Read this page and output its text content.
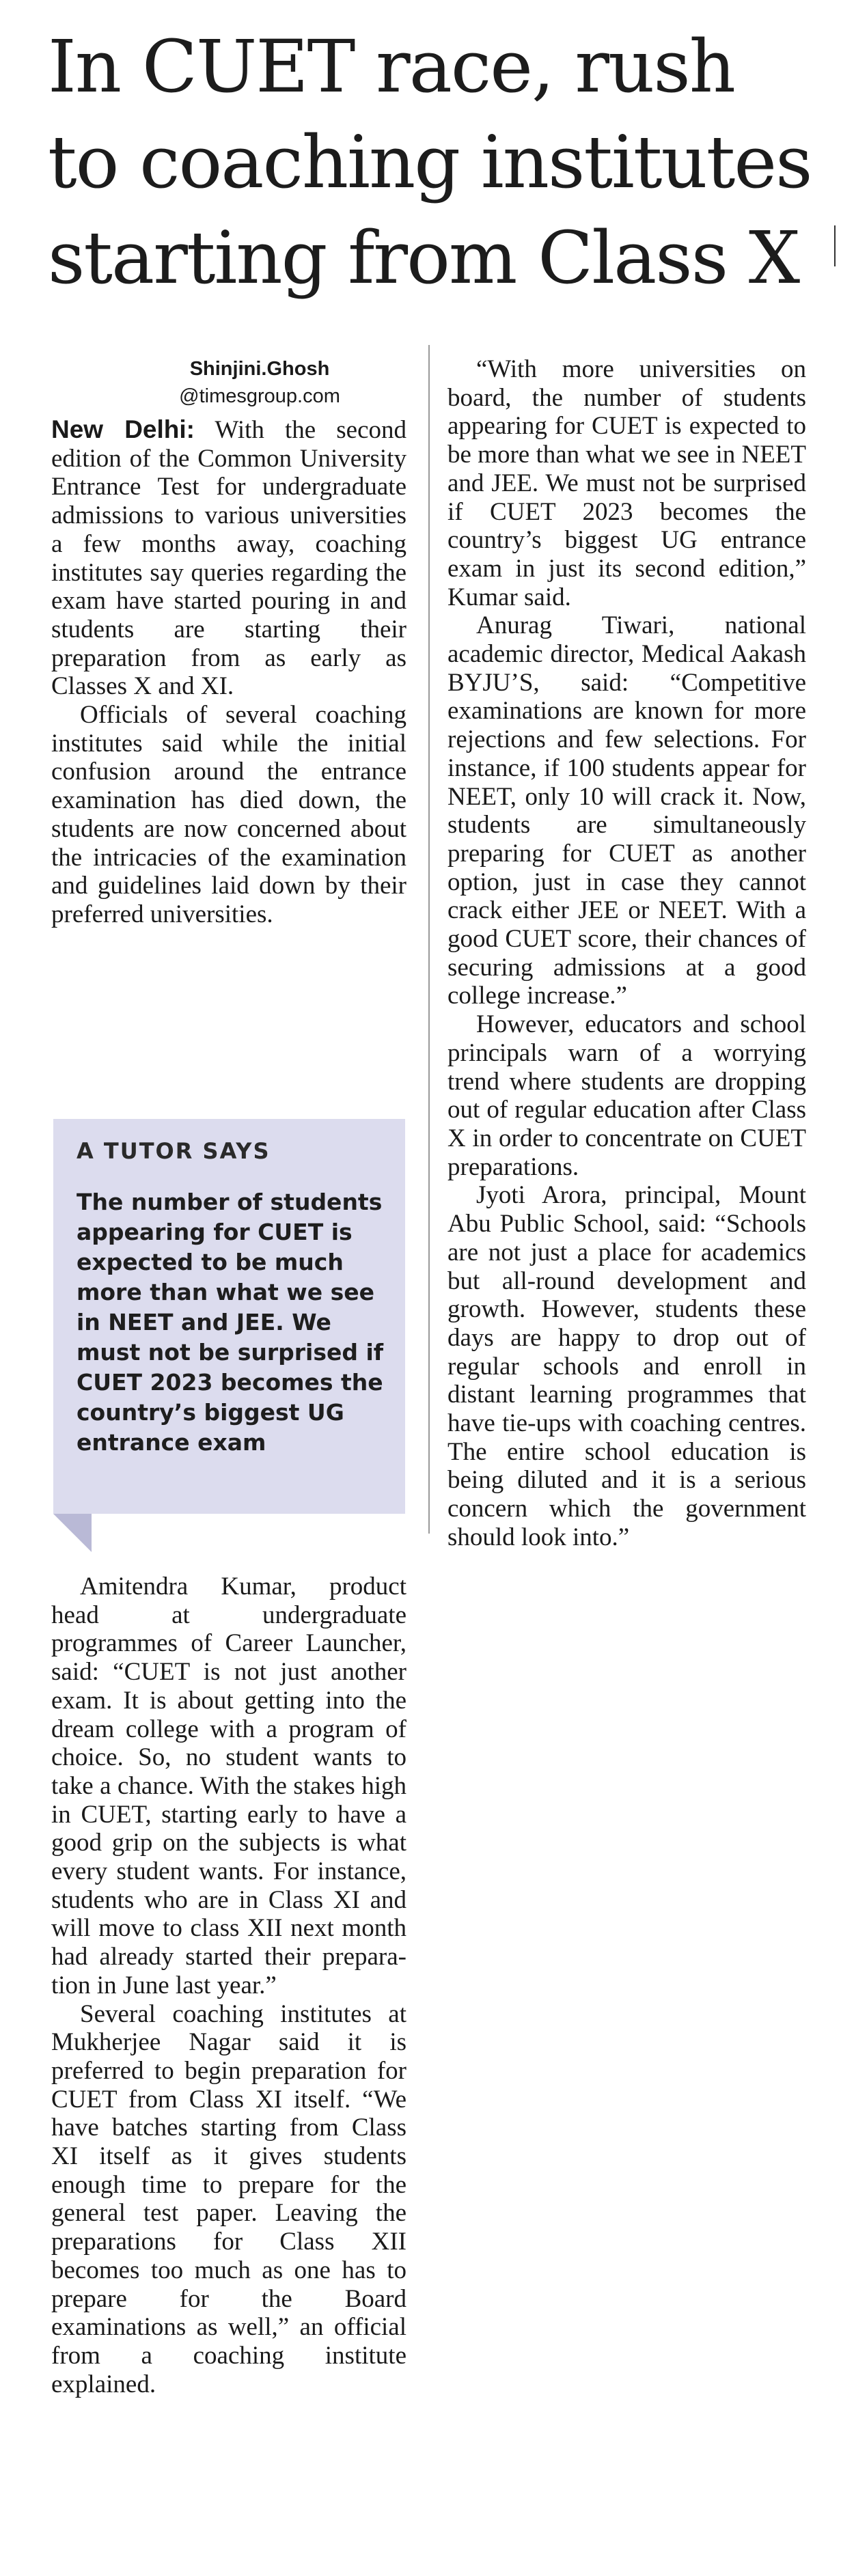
In CUET race, rush
to coaching institutes
starting from Class X
Shinjini.Ghosh
@timesgroup.com

New Delhi: With the second edition of the Common University Entrance Test for undergraduate admissions to various universities a few months away, coaching institutes say queries regarding the exam have started pouring in and students are starting their preparation from as early as Classes X and XI.

Officials of several coaching institutes said while the initial confusion around the entrance examination has died down, the students are now concerned about the intricacies of the examination and guidelines laid down by their preferred universities.

A TUTOR SAYS
The number of students appearing for CUET is expected to be much more than what we see in NEET and JEE. We must not be surprised if CUET 2023 becomes the country’s biggest UG entrance exam

Amitendra Kumar, product head at undergraduate programmes of Career Launcher, said: “CUET is not just another exam. It is about getting into the dream college with a program of choice. So, no student wants to take a chance. With the stakes high in CUET, starting early to have a good grip on the subjects is what every student wants. For instance, students who are in Class XI and will move to class XII next month had already started their preparation in June last year.”

Several coaching institutes at Mukherjee Nagar said it is preferred to begin preparation for CUET from Class XI itself. “We have batches starting from Class XI itself as it gives students enough time to prepare for the general test paper. Leaving the preparations for Class XII becomes too much as one has to prepare for the Board examinations as well,” an official from a coaching institute explained.

“With more universities on board, the number of students appearing for CUET is expected to be more than what we see in NEET and JEE. We must not be surprised if CUET 2023 becomes the country’s biggest UG entrance exam in just its second edition,” Kumar said.

Anurag Tiwari, national academic director, Medical Aakash BYJU’S, said: “Competitive examinations are known for more rejections and few selections. For instance, if 100 students appear for NEET, only 10 will crack it. Now, students are simultaneously preparing for CUET as another option, just in case they cannot crack either JEE or NEET. With a good CUET score, their chances of securing admissions at a good college increase.”

However, educators and school principals warn of a worrying trend where students are dropping out of regular education after Class X in order to concentrate on CUET preparations.

Jyoti Arora, principal, Mount Abu Public School, said: “Schools are not just a place for academics but all-round development and growth. However, students these days are happy to drop out of regular schools and enroll in distant learning programmes that have tie-ups with coaching centres. The entire school education is being diluted and it is a serious concern which the government should look into.”
